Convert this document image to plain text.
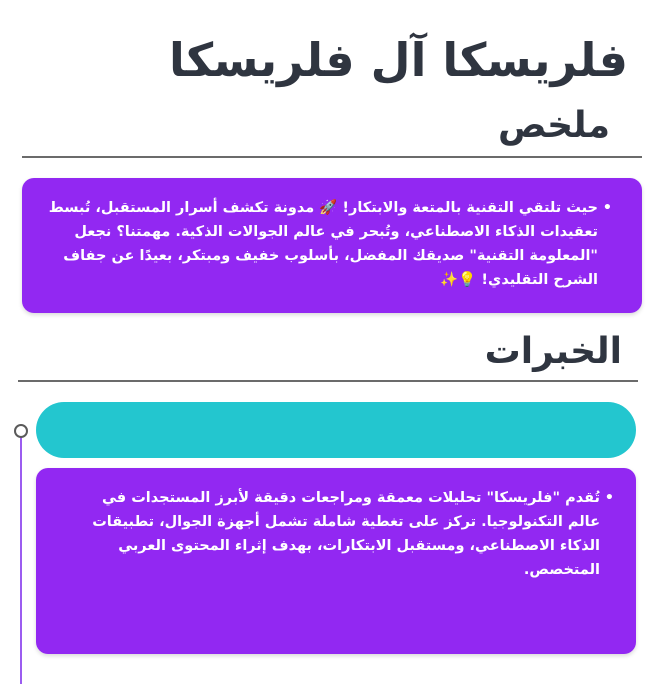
فلريسكا آل فلريسكا
ملخص

• حيث تلتقي التقنية بالمتعة والابتكار! 🚀 مدونة تكشف أسرار المستقبل، تُبسط تعقيدات الذكاء الاصطناعي، وتُبحر في عالم الجوالات الذكية. مهمتنا؟ نجعل "المعلومة التقنية" صديقك المفضل، بأسلوب خفيف ومبتكر، بعيدًا عن جفاف الشرح التقليدي! 💡✨

الخبرات

• تُقدم "فلريسكا" تحليلات معمقة ومراجعات دقيقة لأبرز المستجدات في عالم التكنولوجيا. تركز على تغطية شاملة تشمل أجهزة الجوال، تطبيقات الذكاء الاصطناعي، ومستقبل الابتكارات، بهدف إثراء المحتوى العربي المتخصص.
